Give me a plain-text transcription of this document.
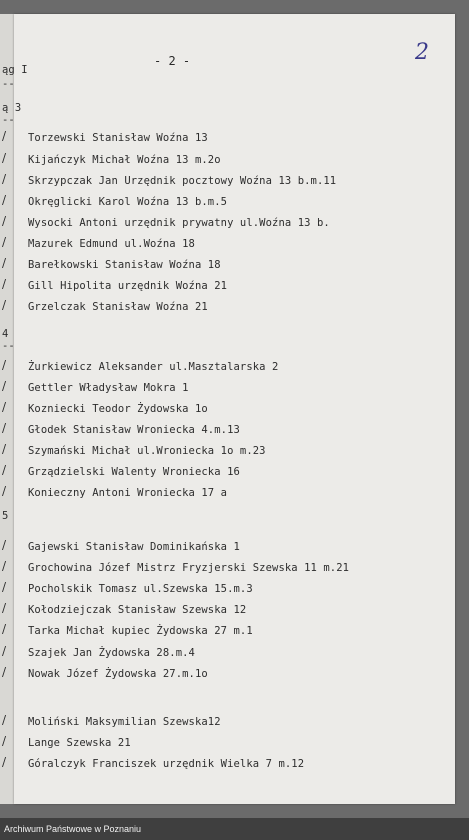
- 2 -	2
ąg I
--
ą 3
--
4
--
5
/ Torzewski Stanisław Woźna 13
/ Kijańczyk Michał Woźna 13 m.2o
/ Skrzypczak Jan Urzędnik pocztowy Woźna 13 b.m.11
/ Okręglicki Karol Woźna 13 b.m.5
/ Wysocki Antoni urzędnik prywatny ul.Woźna 13 b.
/ Mazurek Edmund ul.Woźna 18
/ Barełkowski Stanisław Woźna 18
/ Gill Hipolita urzędnik Woźna 21
/ Grzelczak Stanisław Woźna 21
/ Żurkiewicz Aleksander ul.Masztalarska 2
/ Gettler Władysław Mokra 1
/ Kozniecki Teodor Żydowska 1o
/ Głodek Stanisław Wroniecka 4.m.13
/ Szymański Michał ul.Wroniecka 1o m.23
/ Grządzielski Walenty Wroniecka 16
/ Konieczny Antoni Wroniecka 17 a
/ Gajewski Stanisław Dominikańska 1
/ Grochowina Józef Mistrz Fryzjerski Szewska 11 m.21
/ Pocholskik Tomasz ul.Szewska 15.m.3
/ Kołodziejczak Stanisław Szewska 12
/ Tarka Michał kupiec Żydowska 27 m.1
/ Szajek Jan Żydowska 28.m.4
/ Nowak Józef Żydowska 27.m.1o
/ Moliński Maksymilian Szewska12
/ Lange Szewska 21
/ Góralczyk Franciszek urzędnik Wielka 7 m.12
Archiwum Państwowe w Poznaniu
